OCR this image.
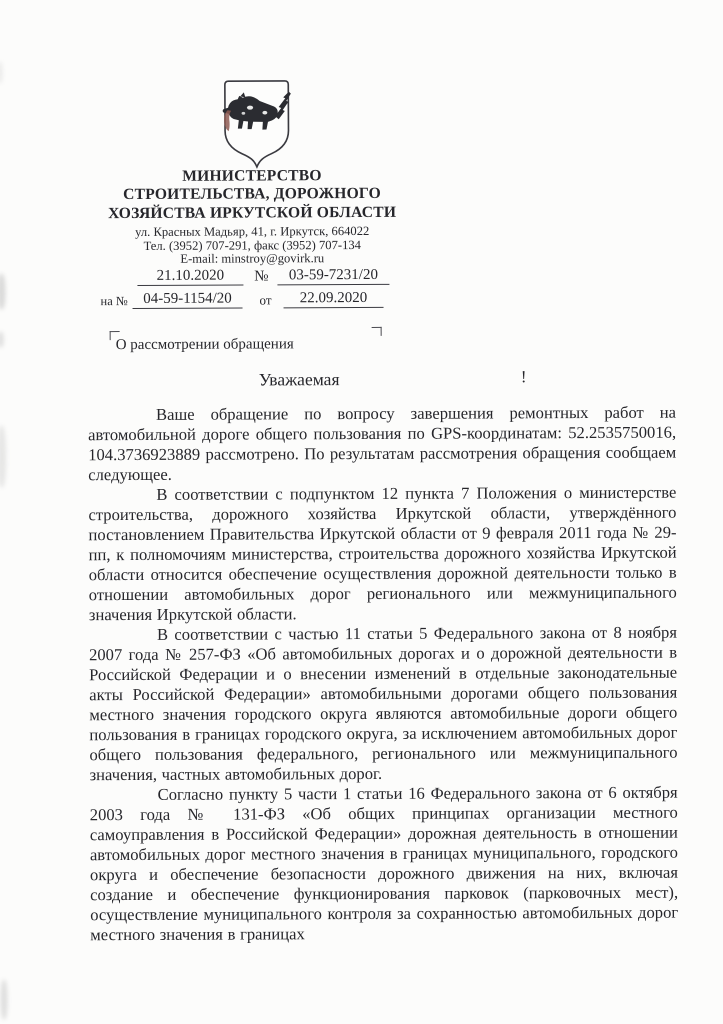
МИНИСТЕРСТВО
СТРОИТЕЛЬСТВА, ДОРОЖНОГО
ХОЗЯЙСТВА ИРКУТСКОЙ ОБЛАСТИ
ул. Красных Мадьяр, 41, г. Иркутск, 664022
Тел. (3952) 707-291, факс (3952) 707-134
E-mail: minstroy@govirk.ru
21.10.2020	№	03-59-7231/20
на №	04-59-1154/20	от	22.09.2020
О рассмотрении обращения
Уважаемая	!

Ваше обращение по вопросу завершения ремонтных работ на автомобильной дороге общего пользования по GPS-координатам: 52.2535750016, 104.3736923889 рассмотрено. По результатам рассмотрения обращения сообщаем следующее.

В соответствии с подпунктом 12 пункта 7 Положения о министерстве строительства, дорожного хозяйства Иркутской области, утверждённого постановлением Правительства Иркутской области от 9 февраля 2011 года № 29-пп, к полномочиям министерства, строительства дорожного хозяйства Иркутской области относится обеспечение осуществления дорожной деятельности только в отношении автомобильных дорог регионального или межмуниципального значения Иркутской области.

В соответствии с частью 11 статьи 5 Федерального закона от 8 ноября 2007 года № 257-ФЗ «Об автомобильных дорогах и о дорожной деятельности в Российской Федерации и о внесении изменений в отдельные законодательные акты Российской Федерации» автомобильными дорогами общего пользования местного значения городского округа являются автомобильные дороги общего пользования в границах городского округа, за исключением автомобильных дорог общего пользования федерального, регионального или межмуниципального значения, частных автомобильных дорог.

Согласно пункту 5 части 1 статьи 16 Федерального закона от 6 октября 2003 года № 131-ФЗ «Об общих принципах организации местного самоуправления в Российской Федерации» дорожная деятельность в отношении автомобильных дорог местного значения в границах муниципального, городского округа и обеспечение безопасности дорожного движения на них, включая создание и обеспечение функционирования парковок (парковочных мест), осуществление муниципального контроля за сохранностью автомобильных дорог местного значения в границах
